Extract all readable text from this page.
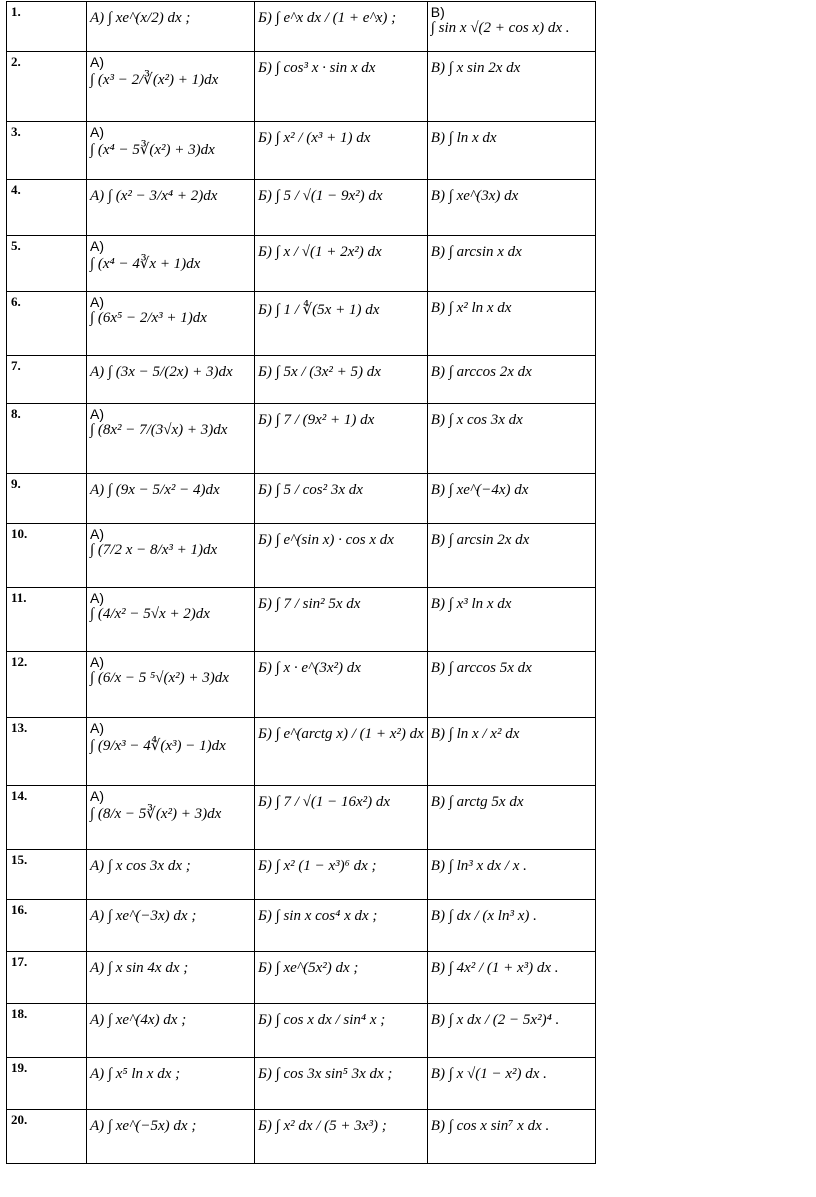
1.	А) ∫ xe^(x/2) dx ;	Б) ∫ e^x dx / (1 + e^x) ;	В)
∫ sin x √(2 + cos x) dx .

2.	А)
∫ (x³ − 2/∛(x²) + 1)dx	Б) ∫ cos³ x · sin x dx	В) ∫ x sin 2x dx

3.	А)
∫ (x⁴ − 5∛(x²) + 3)dx	Б) ∫ x² / (x³ + 1) dx	В) ∫ ln x dx

4.	А) ∫ (x² − 3/x⁴ + 2)dx	Б) ∫ 5 / √(1 − 9x²) dx	В) ∫ xe^(3x) dx

5.	А)
∫ (x⁴ − 4∛x + 1)dx	Б) ∫ x / √(1 + 2x²) dx	В) ∫ arcsin x dx

6.	А)
∫ (6x⁵ − 2/x³ + 1)dx	Б) ∫ 1 / ∜(5x + 1) dx	В) ∫ x² ln x dx

7.	А) ∫ (3x − 5/(2x) + 3)dx	Б) ∫ 5x / (3x² + 5) dx	В) ∫ arccos 2x dx

8.	А)
∫ (8x² − 7/(3√x) + 3)dx	Б) ∫ 7 / (9x² + 1) dx	В) ∫ x cos 3x dx

9.	А) ∫ (9x − 5/x² − 4)dx	Б) ∫ 5 / cos² 3x dx	В) ∫ xe^(−4x) dx

10.	А)
∫ (7/2 x − 8/x³ + 1)dx	Б) ∫ e^(sin x) · cos x dx	В) ∫ arcsin 2x dx

11.	А)
∫ (4/x² − 5√x + 2)dx	Б) ∫ 7 / sin² 5x dx	В) ∫ x³ ln x dx

12.	А)
∫ (6/x − 5 ⁵√(x²) + 3)dx	Б) ∫ x · e^(3x²) dx	В) ∫ arccos 5x dx

13.	А)
∫ (9/x³ − 4∜(x³) − 1)dx	Б) ∫ e^(arctg x) / (1 + x²) dx	В) ∫ ln x / x² dx

14.	А)
∫ (8/x − 5∛(x²) + 3)dx	Б) ∫ 7 / √(1 − 16x²) dx	В) ∫ arctg 5x dx

15.	А) ∫ x cos 3x dx ;	Б) ∫ x² (1 − x³)⁶ dx ;	В) ∫ ln³ x dx / x .

16.	А) ∫ xe^(−3x) dx ;	Б) ∫ sin x cos⁴ x dx ;	В) ∫ dx / (x ln³ x) .

17.	А) ∫ x sin 4x dx ;	Б) ∫ xe^(5x²) dx ;	В) ∫ 4x² / (1 + x³) dx .

18.	А) ∫ xe^(4x) dx ;	Б) ∫ cos x dx / sin⁴ x ;	В) ∫ x dx / (2 − 5x²)⁴ .

19.	А) ∫ x⁵ ln x dx ;	Б) ∫ cos 3x sin⁵ 3x dx ;	В) ∫ x √(1 − x²) dx .

20.	А) ∫ xe^(−5x) dx ;	Б) ∫ x² dx / (5 + 3x³) ;	В) ∫ cos x sin⁷ x dx .
